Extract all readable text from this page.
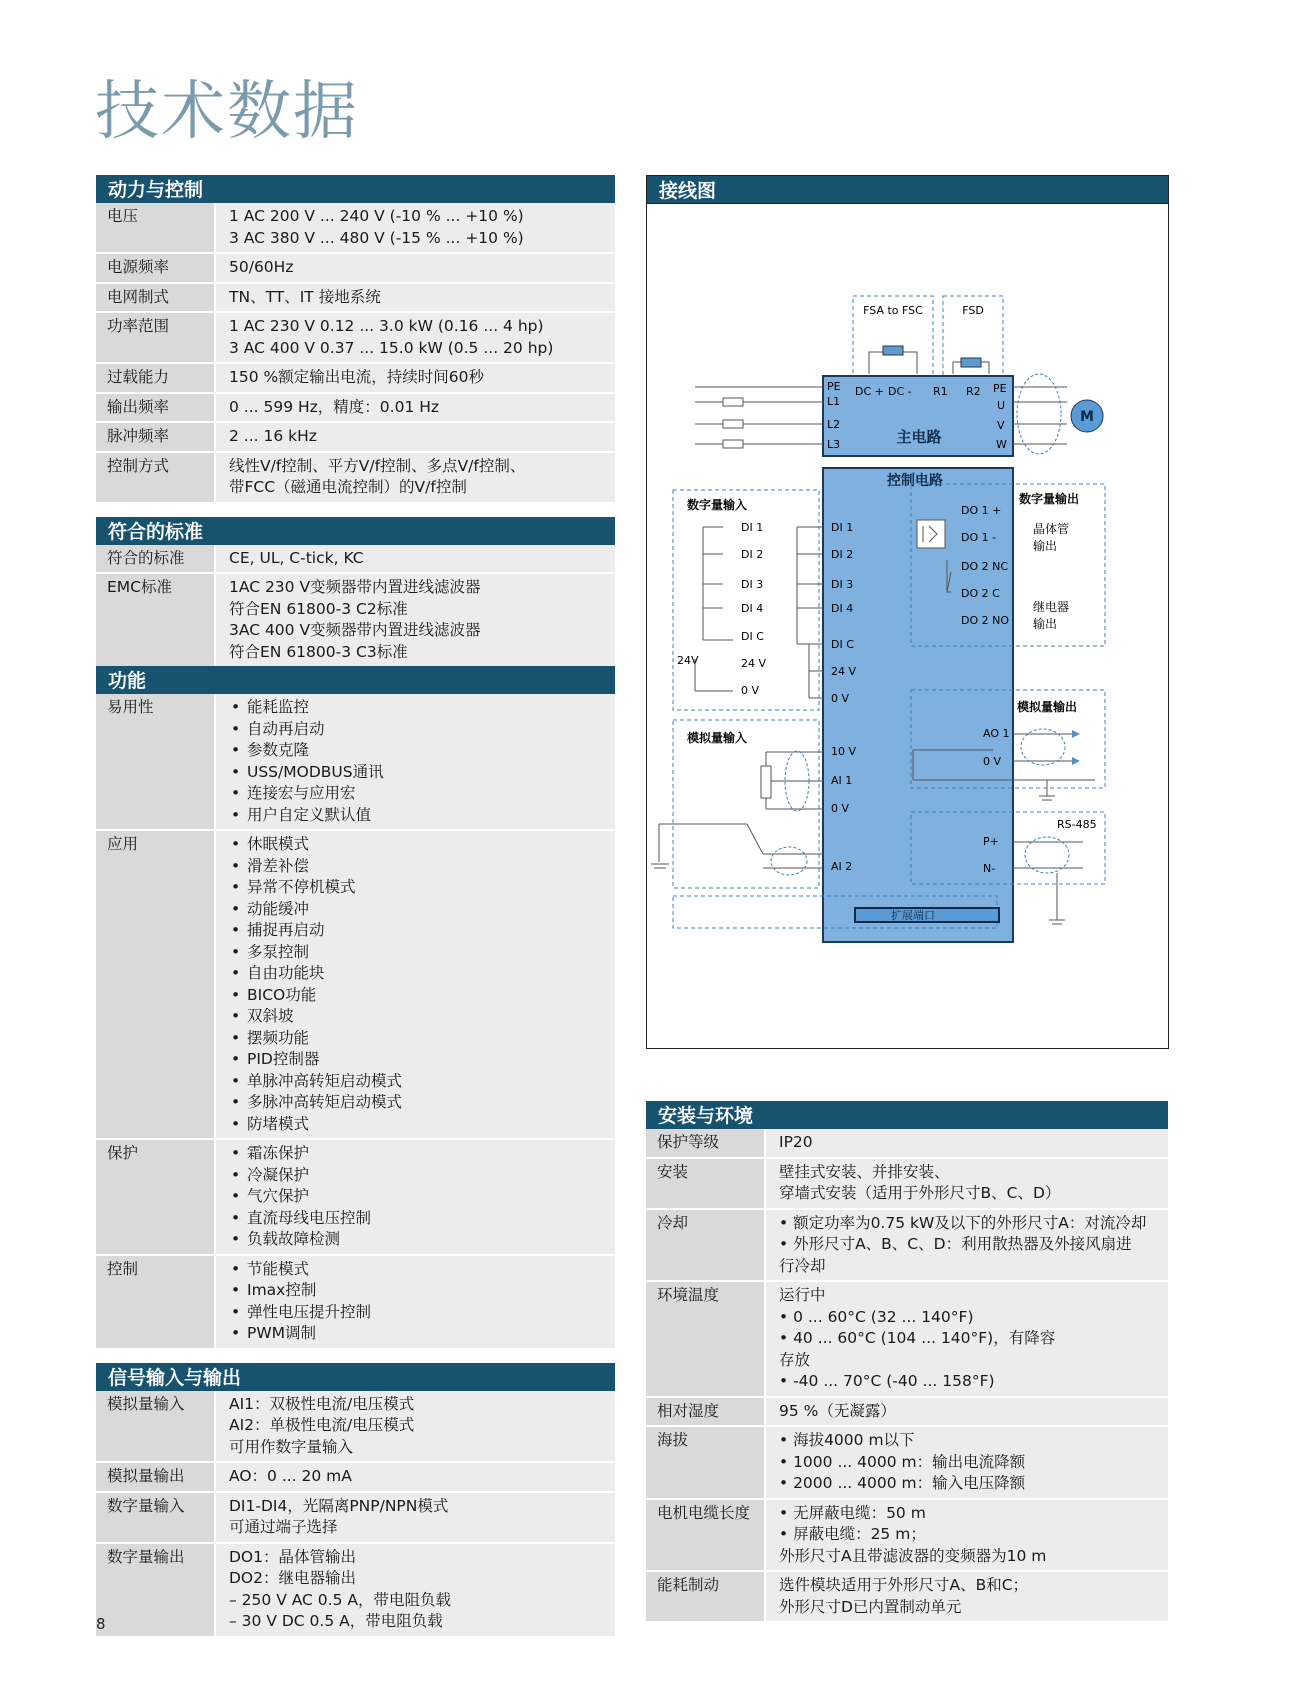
技术数据
动力与控制
电压	1 AC 200 V ... 240 V (-10 % ... +10 %)
3 AC 380 V ... 480 V (-15 % ... +10 %)
电源频率	50/60Hz
电网制式	TN、TT、IT 接地系统
功率范围	1 AC 230 V 0.12 ... 3.0 kW (0.16 ... 4 hp)
3 AC 400 V 0.37 ... 15.0 kW (0.5 ... 20 hp)
过载能力	150 %额定输出电流，持续时间60秒
输出频率	0 ... 599 Hz，精度：0.01 Hz
脉冲频率	2 ... 16 kHz
控制方式	线性V/f控制、平方V/f控制、多点V/f控制、
带FCC（磁通电流控制）的V/f控制
符合的标准
符合的标准	CE, UL, C-tick, KC
EMC标准	1AC 230 V变频器带内置进线滤波器
符合EN 61800-3 C2标准
3AC 400 V变频器带内置进线滤波器
符合EN 61800-3 C3标准
功能
易用性	• 能耗监控
• 自动再启动
• 参数克隆
• USS/MODBUS通讯
• 连接宏与应用宏
• 用户自定义默认值
应用	• 休眠模式
• 滑差补偿
• 异常不停机模式
• 动能缓冲
• 捕捉再启动
• 多泵控制
• 自由功能块
• BICO功能
• 双斜坡
• 摆频功能
• PID控制器
• 单脉冲高转矩启动模式
• 多脉冲高转矩启动模式
• 防堵模式
保护	• 霜冻保护
• 冷凝保护
• 气穴保护
• 直流母线电压控制
• 负载故障检测
控制	• 节能模式
• Imax控制
• 弹性电压提升控制
• PWM调制
信号输入与输出
模拟量输入	AI1：双极性电流/电压模式
AI2：单极性电流/电压模式
可用作数字量输入
模拟量输出	AO：0 ... 20 mA
数字量输入	DI1-DI4，光隔离PNP/NPN模式
可通过端子选择
数字量输出	DO1：晶体管输出
DO2：继电器输出
– 250 V AC 0.5 A，带电阻负载
– 30 V DC 0.5 A，带电阻负载
接线图
FSA to FSC	FSD
主电路
PE
L1
L2
L3
DC + DC - R1 R2 PE
U
V
W
M
控制电路
数字量输入
DI 1
DI 2
DI 3
DI 4
DI C
24 V
0 V
24V
DI 1
DI 2
DI 3
DI 4
DI C
24 V
0 V
模拟量输入
10 V
AI 1
0 V
AI 2
数字量输出
DO 1 +
DO 1 -
DO 2 NC
DO 2 C
DO 2 NO
晶体管
输出
继电器
输出
模拟量输出
AO 1
0 V
RS-485
P+
N-
扩展端口
安装与环境
保护等级	IP20
安装	壁挂式安装、并排安装、
穿墙式安装（适用于外形尺寸B、C、D）
冷却	• 额定功率为0.75 kW及以下的外形尺寸A：对流冷却
• 外形尺寸A、B、C、D：利用散热器及外接风扇进
行冷却
环境温度	运行中
• 0 ... 60°C (32 ... 140°F)
• 40 ... 60°C (104 ... 140°F)，有降容
存放
• -40 ... 70°C (-40 ... 158°F)
相对湿度	95 %（无凝露）
海拔	• 海拔4000 m以下
• 1000 ... 4000 m：输出电流降额
• 2000 ... 4000 m：输入电压降额
电机电缆长度	• 无屏蔽电缆：50 m
• 屏蔽电缆：25 m；
外形尺寸A且带滤波器的变频器为10 m
能耗制动	选件模块适用于外形尺寸A、B和C；
外形尺寸D已内置制动单元
8
